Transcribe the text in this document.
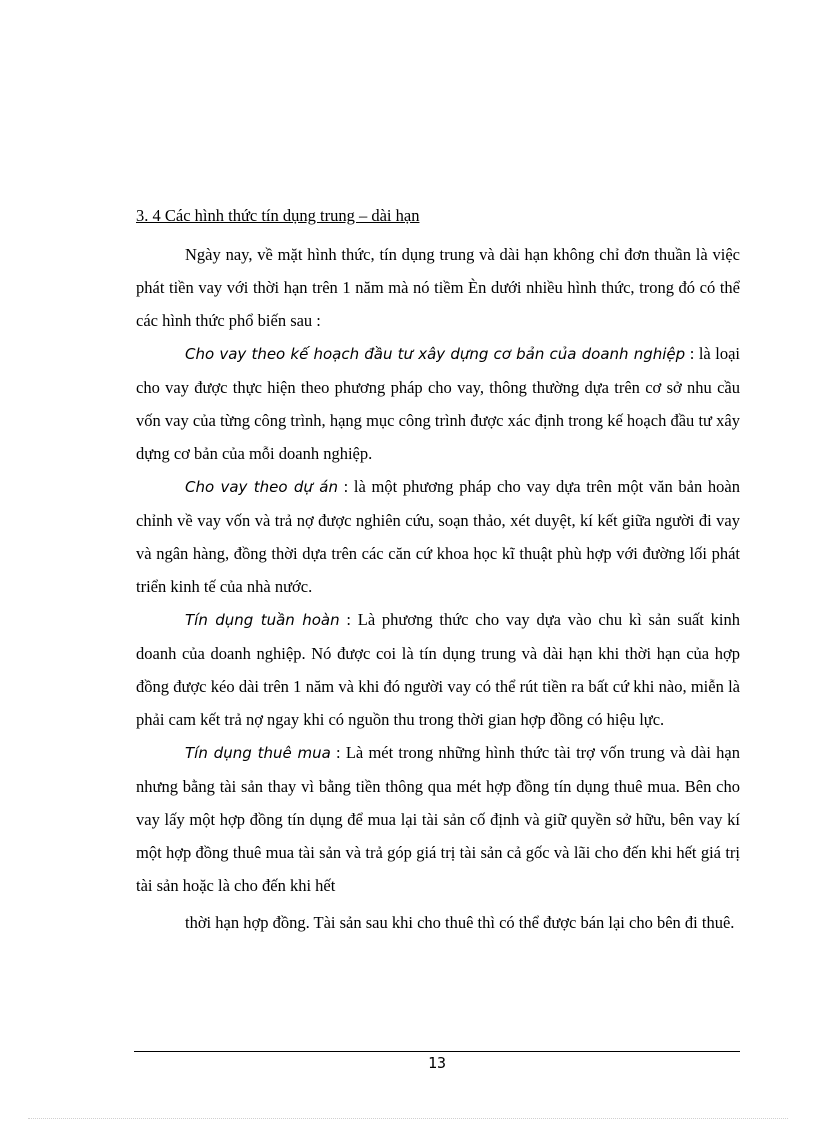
3. 4 Các hình thức tín dụng trung – dài hạn

Ngày nay, về mặt hình thức, tín dụng trung và dài hạn không chỉ đơn thuần là việc phát tiền vay với thời hạn trên 1 năm mà nó tiềm Èn dưới nhiều hình thức, trong đó có thể các hình thức phổ biến sau :

Cho vay theo kế hoạch đầu tư xây dựng cơ bản của doanh nghiệp : là loại cho vay được thực hiện theo phương pháp cho vay, thông thường dựa trên cơ sở nhu cầu vốn vay của từng công trình, hạng mục công trình được xác định trong kế hoạch đầu tư xây dựng cơ bản của mỗi doanh nghiệp.

Cho vay theo dự án : là một phương pháp cho vay dựa trên một văn bản hoàn chỉnh về vay vốn và trả nợ được nghiên cứu, soạn thảo, xét duyệt, kí kết giữa người đi vay và ngân hàng, đồng thời dựa trên các căn cứ khoa học kĩ thuật phù hợp với đường lối phát triển kinh tế của nhà nước.

Tín dụng tuần hoàn : Là phương thức cho vay dựa vào chu kì sản suất kinh doanh của doanh nghiệp. Nó được coi là tín dụng trung và dài hạn khi thời hạn của hợp đồng được kéo dài trên 1 năm và khi đó người vay có thể rút tiền ra bất cứ khi nào, miễn là phải cam kết trả nợ ngay khi có nguồn thu trong thời gian hợp đồng có hiệu lực.

Tín dụng thuê mua : Là mét trong những hình thức tài trợ vốn trung và dài hạn nhưng bằng tài sản thay vì bằng tiền thông qua mét hợp đồng tín dụng thuê mua. Bên cho vay lấy một hợp đồng tín dụng để mua lại tài sản cố định và giữ quyền sở hữu, bên vay kí một hợp đồng thuê mua tài sản và trả góp giá trị tài sản cả gốc và lãi cho đến khi hết giá trị tài sản hoặc là cho đến khi hết

thời hạn hợp đồng. Tài sản sau khi cho thuê thì có thể được bán lại cho bên đi thuê.

13
